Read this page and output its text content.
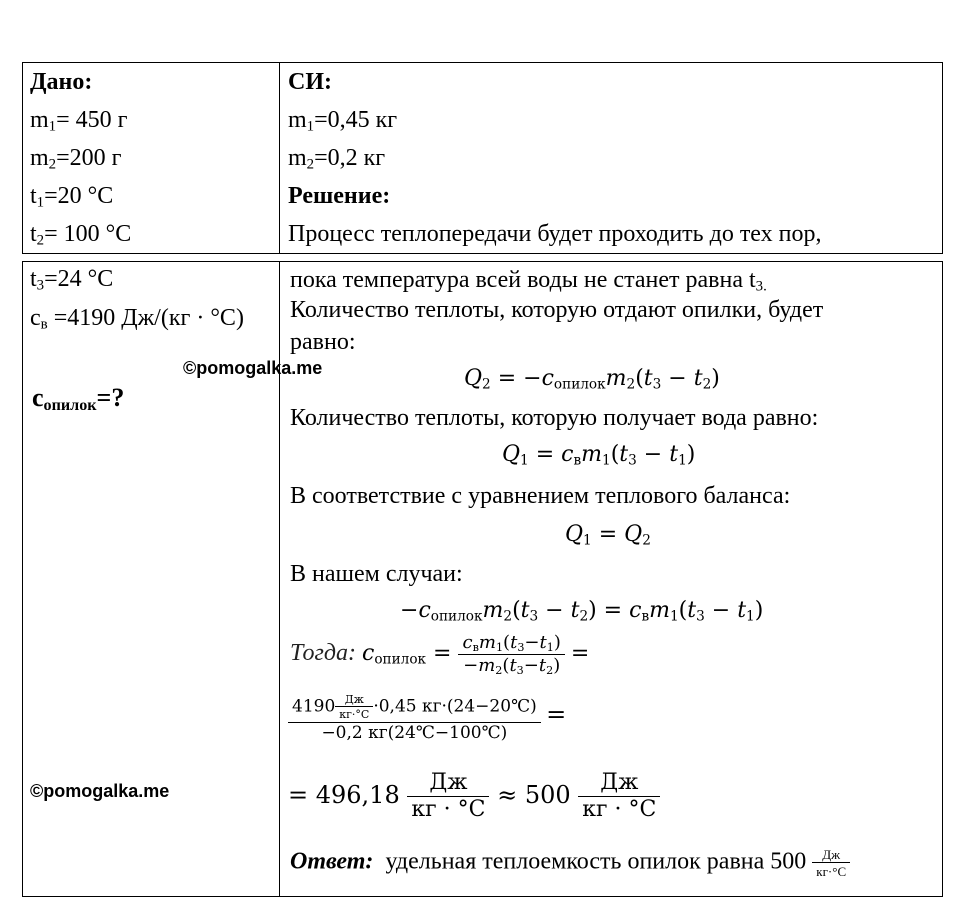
Дано:
$m_1= 450$ г
$m_2=200$ г
$t_1=20$ °C
$t_2= 100$ °C
$t_3=24$ °C
$c_в =4190$ Дж/(кг · °С)
$c_{опилок}=$?
©pomogalka.me
©pomogalka.me
СИ:
$m_1=0,45$ кг
$m_2=0,2$ кг
Решение:
Процесс теплопередачи будет проходить до тех пор,
пока температура всей воды не станет равна $t_{3.}$
Количество теплоты, которую отдают опилки, будет
равно:
$Q_2 = -c_{опилок}m_2(t_3 - t_2)$
Количество теплоты, которую получает вода равно:
$Q_1 = c_вm_1(t_3 - t_1)$
В соответствие с уравнением теплового баланса:
$Q_1 = Q_2$
В нашем случаи:
$-c_{опилок}m_2(t_3 - t_2) = c_вm_1(t_3 - t_1)$
Тогда: $c_{опилок} = \frac{c_вm_1(t_3-t_1)}{-m_2(t_3-t_2)}$ =
$\frac{4190 \frac{Дж}{кг\cdot^\circ С} \cdot 0,45 кг\cdot(24-20℃)}{-0,2 кг(24℃-100℃)}$ =
= $496,18 \frac{Дж}{кг \cdot ^\circ С} \approx 500 \frac{Дж}{кг \cdot ^\circ С}$
Ответ: удельная теплоемкость опилок равна $500 \frac{Дж}{кг\cdot^\circ С}$
